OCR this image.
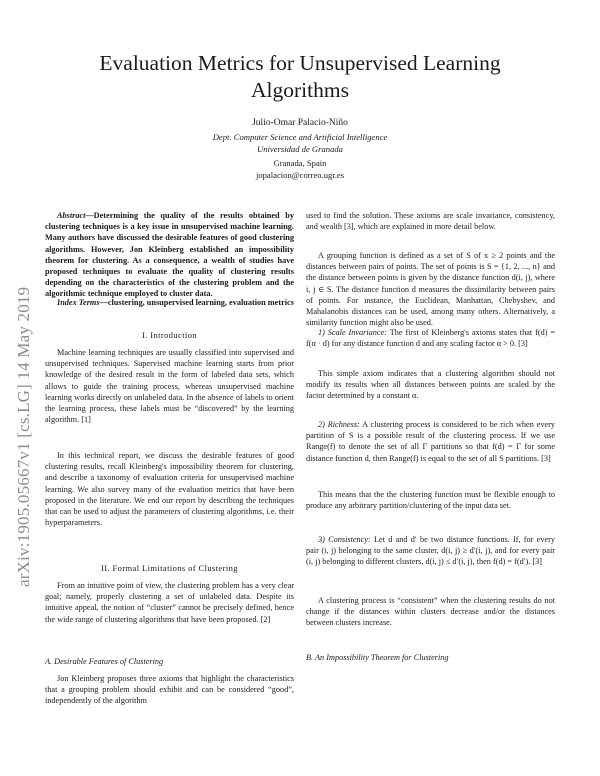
arXiv:1905.05667v1 [cs.LG] 14 May 2019
Evaluation Metrics for Unsupervised Learning Algorithms
Julio-Omar Palacio-Niño
Dept. Computer Science and Artificial Intelligence
Universidad de Granada
Granada, Spain
jopalacion@correo.ugr.es

Abstract—Determining the quality of the results obtained by clustering techniques is a key issue in unsupervised machine learning. Many authors have discussed the desirable features of good clustering algorithms. However, Jon Kleinberg established an impossibility theorem for clustering. As a consequence, a wealth of studies have proposed techniques to evaluate the quality of clustering results depending on the characteristics of the clustering problem and the algorithmic technique employed to cluster data.

Index Terms—clustering, unsupervised learning, evaluation metrics

I. Introduction

Machine learning techniques are usually classified into supervised and unsupervised techniques. Supervised machine learning starts from prior knowledge of the desired result in the form of labeled data sets, which allows to guide the training process, whereas unsupervised machine learning works directly on unlabeled data. In the absence of labels to orient the learning process, these labels must be “discovered” by the learning algorithm. [1]

In this technical report, we discuss the desirable features of good clustering results, recall Kleinberg's impossibility theorem for clustering, and describe a taxonomy of evaluation criteria for unsupervised machine learning. We also survey many of the evaluation metrics that have been proposed in the literature. We end our report by describing the techniques that can be used to adjust the parameters of clustering algorithms, i.e. their hyperparameters.

II. Formal Limitations of Clustering

From an intuitive point of view, the clustering problem has a very clear goal; namely, properly clustering a set of unlabeled data. Despite its intuitive appeal, the notion of “cluster” cannot be precisely defined, hence the wide range of clustering algorithms that have been proposed. [2]

A. Desirable Features of Clustering

Jon Kleinberg proposes three axioms that highlight the characteristics that a grouping problem should exhibit and can be considered “good”, independently of the algorithm

used to find the solution. These axioms are scale invariance, consistency, and wealth [3], which are explained in more detail below.

A grouping function is defined as a set of S of x ≥ 2 points and the distances between pairs of points. The set of points is S = {1, 2, ..., n} and the distance between points is given by the distance function d(i, j), where i, j ∈ S. The distance function d measures the dissimilarity between pairs of points. For instance, the Euclidean, Manhattan, Chebyshev, and Mahalanobis distances can be used, among many others. Alternatively, a similarity function might also be used.

1) Scale Invariance: The first of Kleinberg's axioms states that f(d) = f(α · d) for any distance function d and any scaling factor α > 0. [3]

This simple axiom indicates that a clustering algorithm should not modify its results when all distances between points are scaled by the factor determined by a constant α.

2) Richness: A clustering process is considered to be rich when every partition of S is a possible result of the clustering process. If we use Range(f) to denote the set of all Γ partitions so that f(d) = Γ for some distance function d, then Range(f) is equal to the set of all S partitions. [3]

This means that the the clustering function must be flexible enough to produce any arbitrary partition/clustering of the input data set.

3) Consistency: Let d and d′ be two distance functions. If, for every pair (i, j) belonging to the same cluster, d(i, j) ≥ d′(i, j), and for every pair (i, j) belonging to different clusters, d(i, j) ≤ d′(i, j), then f(d) = f(d′). [3]

A clustering process is “consistent” when the clustering results do not change if the distances within clusters decrease and/or the distances between clusters increase.

B. An Impossibility Theorem for Clustering
